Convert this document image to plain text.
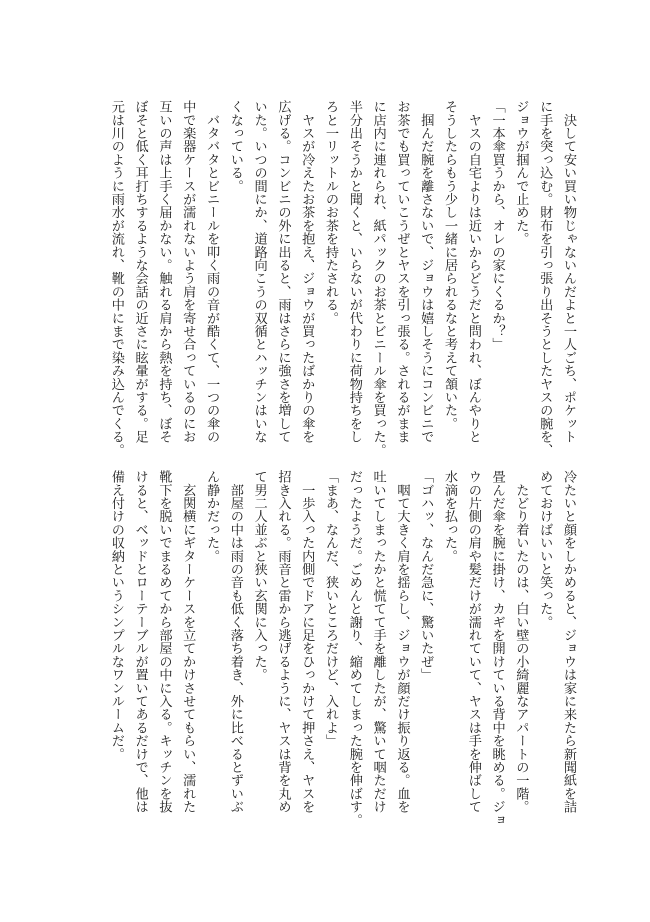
　決して安い買い物じゃないんだよと一人ごち、ポケット
に手を突っ込む。財布を引っ張り出そうとしたヤスの腕を、
ジョウが掴んで止めた。
「一本傘買うから、オレの家にくるか？」
　ヤスの自宅よりは近いからどうだと問われ、ぼんやりと
そうしたらもう少し一緒に居られるなと考えて頷いた。
　掴んだ腕を離さないで、ジョウは嬉しそうにコンビニで
お茶でも買っていこうぜとヤスを引っ張る。されるがまま
に店内に連れられ、紙パックのお茶とビニール傘を買った。
半分出そうかと聞くと、いらないが代わりに荷物持ちをし
ろと一リットルのお茶を持たされる。
　ヤスが冷えたお茶を抱え、ジョウが買ったばかりの傘を
広げる。コンビニの外に出ると、雨はさらに強さを増して
いた。いつの間にか、道路向こうの双循とハッチンはいな
くなっている。
　バタバタとビニールを叩く雨の音が酷くて、一つの傘の
中で楽器ケースが濡れないよう肩を寄せ合っているのにお
互いの声は上手く届かない。触れる肩から熱を持ち、ぼそ
ぼそと低く耳打ちするような会話の近さに眩暈がする。足
元は川のように雨水が流れ、靴の中にまで染み込んでくる。
冷たいと顔をしかめると、ジョウは家に来たら新聞紙を詰
めておけばいいと笑った。
　たどり着いたのは、白い壁の小綺麗なアパートの一階。
畳んだ傘を腕に掛け、カギを開けている背中を眺める。ジョ
ウの片側の肩や髪だけが濡れていて、ヤスは手を伸ばして
水滴を払った。
「ゴハッ、なんだ急に、驚いたぜ」
　咽て大きく肩を揺らし、ジョウが顔だけ振り返る。血を
吐いてしまったかと慌てて手を離したが、驚いて咽ただけ
だったようだ。ごめんと謝り、縮めてしまった腕を伸ばす。
「まあ、なんだ、狭いところだけど、入れよ」
　一歩入った内側でドアに足をひっかけて押さえ、ヤスを
招き入れる。雨音と雷から逃げるように、ヤスは背を丸め
て男二人並ぶと狭い玄関に入った。
　部屋の中は雨の音も低く落ち着き、外に比べるとずいぶ
ん静かだった。
　玄関横にギターケースを立てかけさせてもらい、濡れた
靴下を脱いでまるめてから部屋の中に入る。キッチンを抜
けると、ベッドとローテーブルが置いてあるだけで、他は
備え付けの収納というシンプルなワンルームだ。
